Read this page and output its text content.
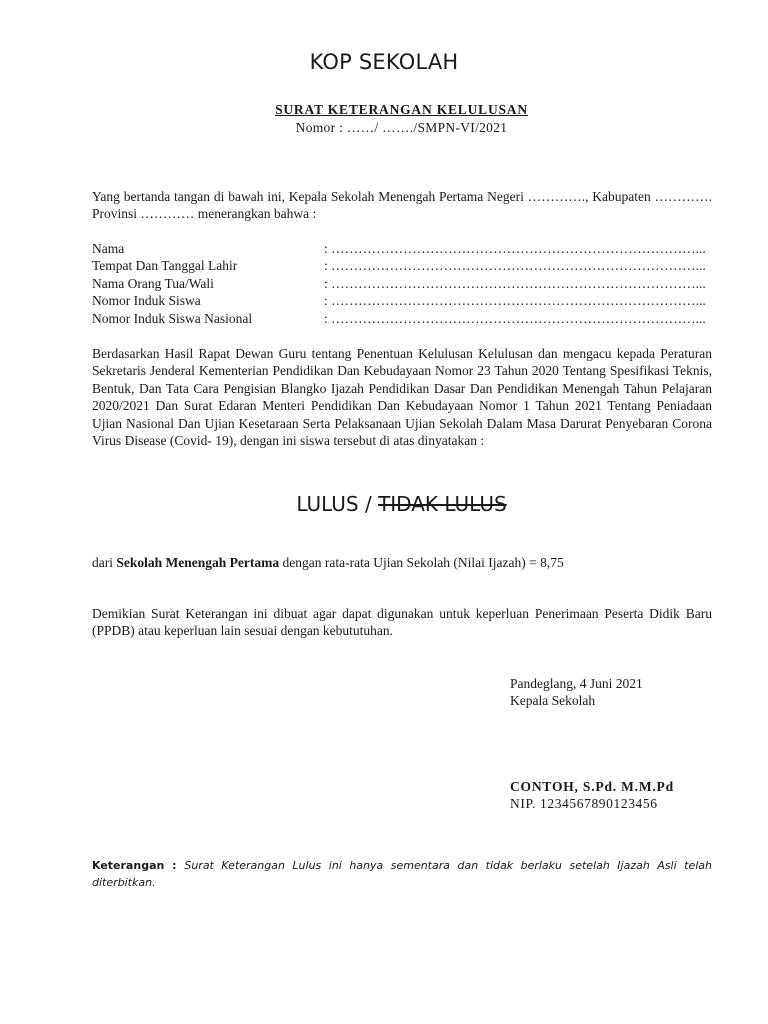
KOP SEKOLAH
SURAT KETERANGAN KELULUSAN
Nomor : ……/ ……./SMPN-VI/2021
Yang bertanda tangan di bawah ini, Kepala Sekolah Menengah Pertama Negeri …………., Kabupaten …………. Provinsi ………… menerangkan bahwa :
Nama	: ………………………………………………………………………...
Tempat Dan Tanggal Lahir	: ………………………………………………………………………...
Nama Orang Tua/Wali	: ………………………………………………………………………...
Nomor Induk Siswa	: ………………………………………………………………………...
Nomor Induk Siswa Nasional	: ………………………………………………………………………...
Berdasarkan Hasil Rapat Dewan Guru tentang Penentuan Kelulusan Kelulusan dan mengacu kepada Peraturan Sekretaris Jenderal Kementerian Pendidikan Dan Kebudayaan Nomor 23 Tahun 2020 Tentang Spesifikasi Teknis, Bentuk, Dan Tata Cara Pengisian Blangko Ijazah Pendidikan Dasar Dan Pendidikan Menengah Tahun Pelajaran 2020/2021 Dan Surat Edaran Menteri Pendidikan Dan Kebudayaan Nomor 1 Tahun 2021 Tentang Peniadaan Ujian Nasional Dan Ujian Kesetaraan Serta Pelaksanaan Ujian Sekolah Dalam Masa Darurat Penyebaran Corona Virus Disease (Covid- 19), dengan ini siswa tersebut di atas dinyatakan :
LULUS / TIDAK LULUS
dari Sekolah Menengah Pertama dengan rata-rata Ujian Sekolah (Nilai Ijazah) = 8,75
Demikian Surat Keterangan ini dibuat agar dapat digunakan untuk keperluan Penerimaan Peserta Didik Baru (PPDB) atau keperluan lain sesuai dengan kebututuhan.
Pandeglang, 4 Juni 2021
Kepala Sekolah
CONTOH, S.Pd. M.M.Pd
NIP. 1234567890123456
Keterangan : Surat Keterangan Lulus ini hanya sementara dan tidak berlaku setelah Ijazah Asli telah diterbitkan.
